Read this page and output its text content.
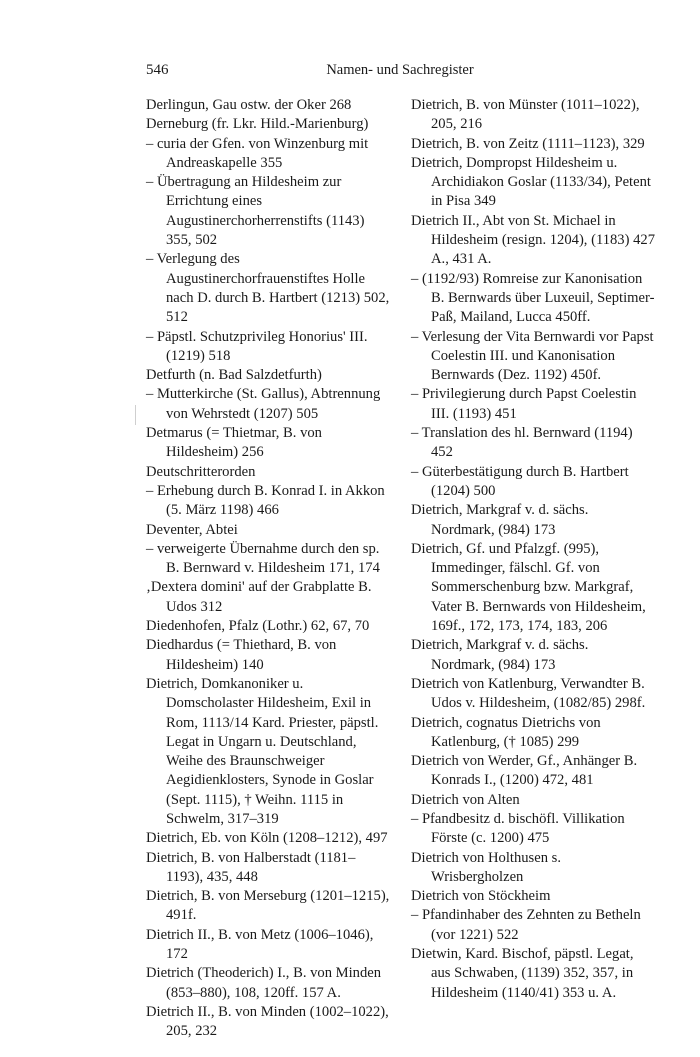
546	Namen- und Sachregister

Derlingun, Gau ostw. der Oker 268

Derneburg (fr. Lkr. Hild.-Marienburg)

– curia der Gfen. von Winzenburg mit Andreaskapelle 355

– Übertragung an Hildesheim zur Errichtung eines Augustinerchorherrenstifts (1143) 355, 502

– Verlegung des Augustinerchorfrauenstiftes Holle nach D. durch B. Hartbert (1213) 502, 512

– Päpstl. Schutzprivileg Honorius' III. (1219) 518

Detfurth (n. Bad Salzdetfurth)

– Mutterkirche (St. Gallus), Abtrennung von Wehrstedt (1207) 505

Detmarus (= Thietmar, B. von Hildesheim) 256

Deutschritterorden

– Erhebung durch B. Konrad I. in Akkon (5. März 1198) 466

Deventer, Abtei

– verweigerte Übernahme durch den sp. B. Bernward v. Hildesheim 171, 174

‚Dextera domini' auf der Grabplatte B. Udos 312

Diedenhofen, Pfalz (Lothr.) 62, 67, 70

Diedhardus (= Thiethard, B. von Hildesheim) 140

Dietrich, Domkanoniker u. Domscholaster Hildesheim, Exil in Rom, 1113/14 Kard. Priester, päpstl. Legat in Ungarn u. Deutschland, Weihe des Braunschweiger Aegidienklosters, Synode in Goslar (Sept. 1115), † Weihn. 1115 in Schwelm, 317–319

Dietrich, Eb. von Köln (1208–1212), 497

Dietrich, B. von Halberstadt (1181–1193), 435, 448

Dietrich, B. von Merseburg (1201–1215), 491f.

Dietrich II., B. von Metz (1006–1046), 172

Dietrich (Theoderich) I., B. von Minden (853–880), 108, 120ff. 157 A.

Dietrich II., B. von Minden (1002–1022), 205, 232

Dietrich, B. von Münster (1011–1022), 205, 216

Dietrich, B. von Zeitz (1111–1123), 329

Dietrich, Dompropst Hildesheim u. Archidiakon Goslar (1133/34), Petent in Pisa 349

Dietrich II., Abt von St. Michael in Hildesheim (resign. 1204), (1183) 427 A., 431 A.

– (1192/93) Romreise zur Kanonisation B. Bernwards über Luxeuil, Septimer-Paß, Mailand, Lucca 450ff.

– Verlesung der Vita Bernwardi vor Papst Coelestin III. und Kanonisation Bernwards (Dez. 1192) 450f.

– Privilegierung durch Papst Coelestin III. (1193) 451

– Translation des hl. Bernward (1194) 452

– Güterbestätigung durch B. Hartbert (1204) 500

Dietrich, Markgraf v. d. sächs. Nordmark, (984) 173

Dietrich, Gf. und Pfalzgf. (995), Immedinger, fälschl. Gf. von Sommerschenburg bzw. Markgraf, Vater B. Bernwards von Hildesheim, 169f., 172, 173, 174, 183, 206

Dietrich, Markgraf v. d. sächs. Nordmark, (984) 173

Dietrich von Katlenburg, Verwandter B. Udos v. Hildesheim, (1082/85) 298f.

Dietrich, cognatus Dietrichs von Katlenburg, († 1085) 299

Dietrich von Werder, Gf., Anhänger B. Konrads I., (1200) 472, 481

Dietrich von Alten

– Pfandbesitz d. bischöfl. Villikation Förste (c. 1200) 475

Dietrich von Holthusen s. Wrisbergholzen

Dietrich von Stöckheim

– Pfandinhaber des Zehnten zu Betheln (vor 1221) 522

Dietwin, Kard. Bischof, päpstl. Legat, aus Schwaben, (1139) 352, 357, in Hildesheim (1140/41) 353 u. A.
